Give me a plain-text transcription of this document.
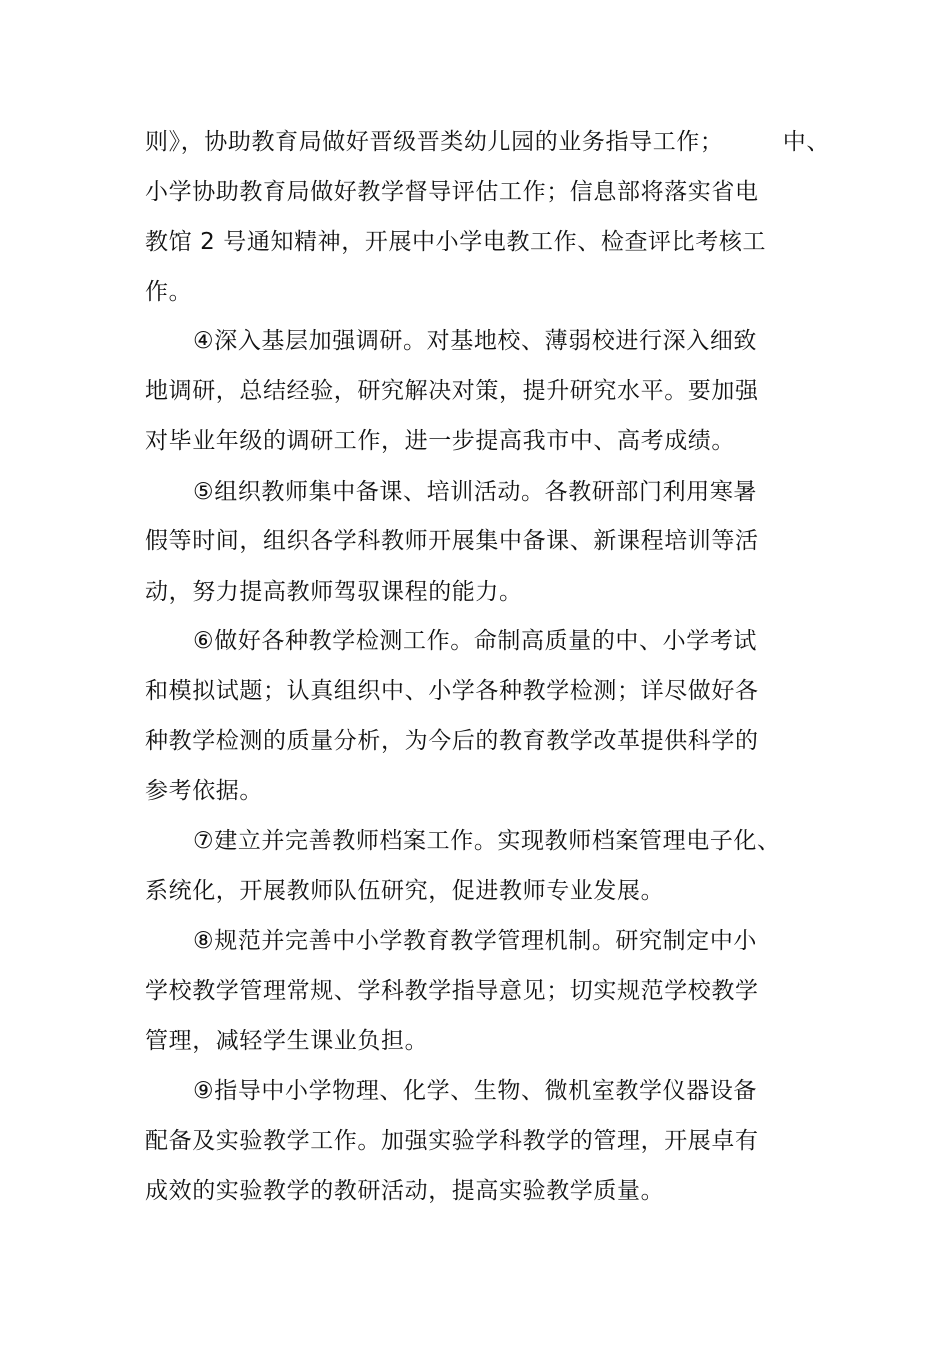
则》，协助教育局做好晋级晋类幼儿园的业务指导工作；　　　中、
小学协助教育局做好教学督导评估工作；信息部将落实省电
教馆 2 号通知精神，开展中小学电教工作、检查评比考核工
作。
④深入基层加强调研。对基地校、薄弱校进行深入细致
地调研，总结经验，研究解决对策，提升研究水平。要加强
对毕业年级的调研工作，进一步提高我市中、高考成绩。
⑤组织教师集中备课、培训活动。各教研部门利用寒暑
假等时间，组织各学科教师开展集中备课、新课程培训等活
动，努力提高教师驾驭课程的能力。
⑥做好各种教学检测工作。命制高质量的中、小学考试
和模拟试题；认真组织中、小学各种教学检测；详尽做好各
种教学检测的质量分析，为今后的教育教学改革提供科学的
参考依据。
⑦建立并完善教师档案工作。实现教师档案管理电子化、
系统化，开展教师队伍研究，促进教师专业发展。
⑧规范并完善中小学教育教学管理机制。研究制定中小
学校教学管理常规、学科教学指导意见；切实规范学校教学
管理，减轻学生课业负担。
⑨指导中小学物理、化学、生物、微机室教学仪器设备
配备及实验教学工作。加强实验学科教学的管理，开展卓有
成效的实验教学的教研活动，提高实验教学质量。
